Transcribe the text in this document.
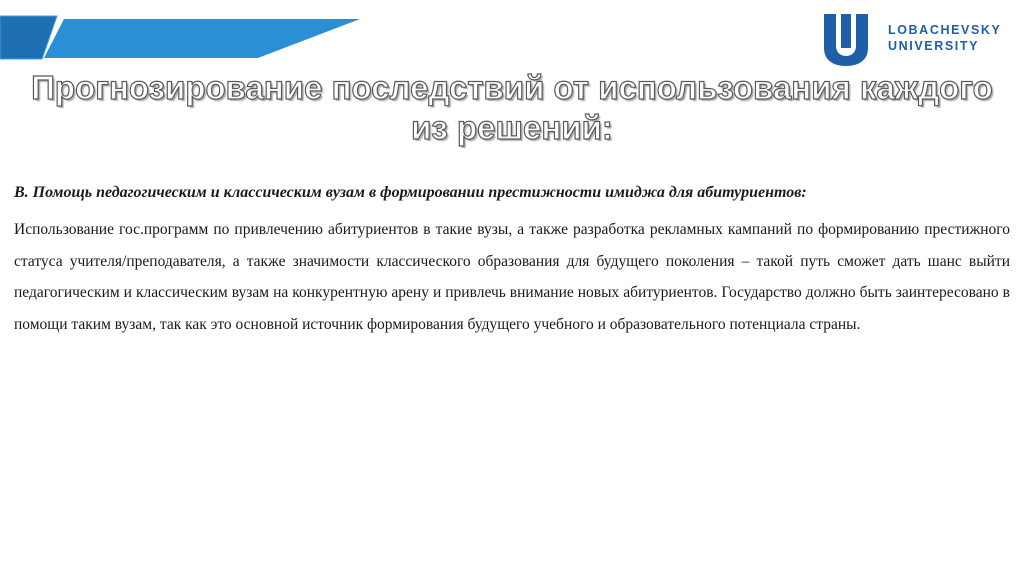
LOBACHEVSKY
UNIVERSITY
Прогнозирование последствий от использования каждого
из решений:
B. Помощь педагогическим и классическим вузам в формировании престижности имиджа для абитуриентов:
Использование гос.программ по привлечению абитуриентов в такие вузы, а также разработка рекламных кампаний по формированию престижного статуса учителя/преподавателя, а также значимости классического образования для будущего поколения – такой путь сможет дать шанс выйти педагогическим и классическим вузам на конкурентную арену и привлечь внимание новых абитуриентов. Государство должно быть заинтересовано в помощи таким вузам, так как это основной источник формирования будущего учебного и образовательного потенциала страны.
